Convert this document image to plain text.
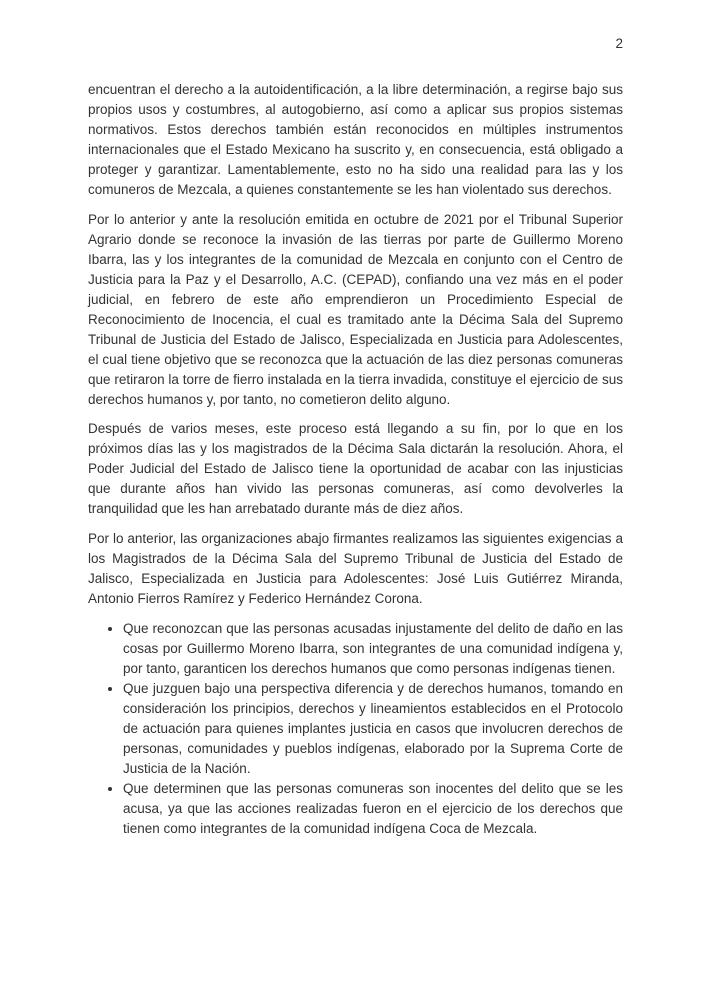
2

encuentran el derecho a la autoidentificación, a la libre determinación, a regirse bajo sus propios usos y costumbres, al autogobierno, así como a aplicar sus propios sistemas normativos. Estos derechos también están reconocidos en múltiples instrumentos internacionales que el Estado Mexicano ha suscrito y, en consecuencia, está obligado a proteger y garantizar. Lamentablemente, esto no ha sido una realidad para las y los comuneros de Mezcala, a quienes constantemente se les han violentado sus derechos.

Por lo anterior y ante la resolución emitida en octubre de 2021 por el Tribunal Superior Agrario donde se reconoce la invasión de las tierras por parte de Guillermo Moreno Ibarra, las y los integrantes de la comunidad de Mezcala en conjunto con el Centro de Justicia para la Paz y el Desarrollo, A.C. (CEPAD), confiando una vez más en el poder judicial, en febrero de este año emprendieron un Procedimiento Especial de Reconocimiento de Inocencia, el cual es tramitado ante la Décima Sala del Supremo Tribunal de Justicia del Estado de Jalisco, Especializada en Justicia para Adolescentes, el cual tiene objetivo que se reconozca que la actuación de las diez personas comuneras que retiraron la torre de fierro instalada en la tierra invadida, constituye el ejercicio de sus derechos humanos y, por tanto, no cometieron delito alguno.

Después de varios meses, este proceso está llegando a su fin, por lo que en los próximos días las y los magistrados de la Décima Sala dictarán la resolución. Ahora, el Poder Judicial del Estado de Jalisco tiene la oportunidad de acabar con las injusticias que durante años han vivido las personas comuneras, así como devolverles la tranquilidad que les han arrebatado durante más de diez años.

Por lo anterior, las organizaciones abajo firmantes realizamos las siguientes exigencias a los Magistrados de la Décima Sala del Supremo Tribunal de Justicia del Estado de Jalisco, Especializada en Justicia para Adolescentes: José Luis Gutiérrez Miranda, Antonio Fierros Ramírez y Federico Hernández Corona.

• Que reconozcan que las personas acusadas injustamente del delito de daño en las cosas por Guillermo Moreno Ibarra, son integrantes de una comunidad indígena y, por tanto, garanticen los derechos humanos que como personas indígenas tienen.
• Que juzguen bajo una perspectiva diferencia y de derechos humanos, tomando en consideración los principios, derechos y lineamientos establecidos en el Protocolo de actuación para quienes implantes justicia en casos que involucren derechos de personas, comunidades y pueblos indígenas, elaborado por la Suprema Corte de Justicia de la Nación.
• Que determinen que las personas comuneras son inocentes del delito que se les acusa, ya que las acciones realizadas fueron en el ejercicio de los derechos que tienen como integrantes de la comunidad indígena Coca de Mezcala.
